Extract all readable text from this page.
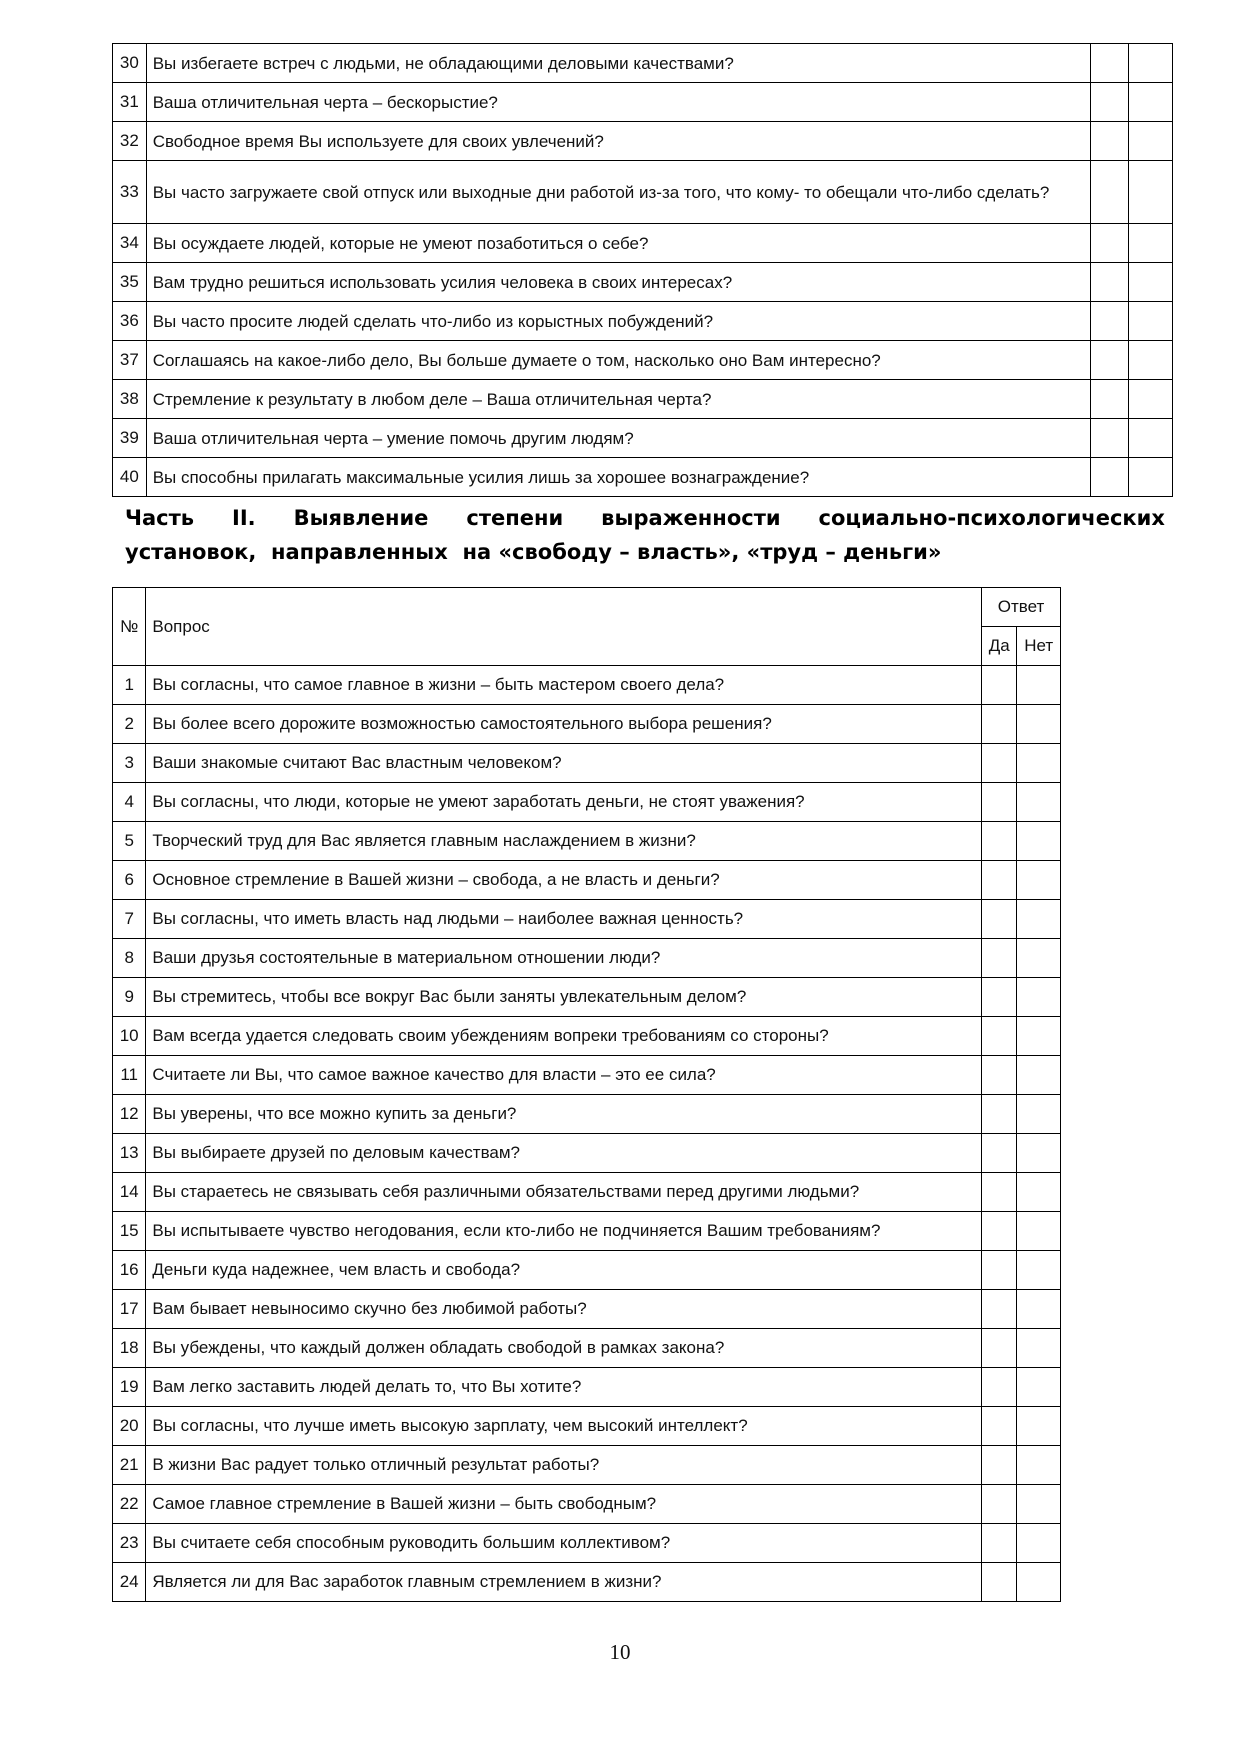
30	Вы избегаете встреч с людьми, не обладающими деловыми качествами?		
31	Ваша отличительная черта – бескорыстие?		
32	Свободное время Вы используете для своих увлечений?		
33	Вы часто загружаете свой отпуск или выходные дни работой из-за того, что кому- то обещали что-либо сделать?		
34	Вы осуждаете людей, которые не умеют позаботиться о себе?		
35	Вам трудно решиться использовать усилия человека в своих интересах?		
36	Вы часто просите людей сделать что-либо из корыстных побуждений?		
37	Соглашаясь на какое-либо дело, Вы больше думаете о том, насколько оно Вам интересно?		
38	Стремление к результату в любом деле – Ваша отличительная черта?		
39	Ваша отличительная черта – умение помочь другим людям?		
40	Вы способны прилагать максимальные усилия лишь за хорошее вознаграждение?		
Часть II. Выявление степени выраженности социально-психологических
установок,  направленных  на «свободу – власть», «труд – деньги»
№	Вопрос	Ответ	
		Да	Нет
1	Вы согласны, что самое главное в жизни – быть мастером своего дела?		
2	Вы более всего дорожите возможностью самостоятельного выбора решения?		
3	Ваши знакомые считают Вас властным человеком?		
4	Вы согласны, что люди, которые не умеют заработать деньги, не стоят уважения?		
5	Творческий труд для Вас является главным наслаждением в жизни?		
6	Основное стремление в Вашей жизни – свобода, а не власть и деньги?		
7	Вы согласны, что иметь власть над людьми – наиболее важная ценность?		
8	Ваши друзья состоятельные в материальном отношении люди?		
9	Вы стремитесь, чтобы все вокруг Вас были заняты увлекательным делом?		
10	Вам всегда удается следовать своим убеждениям вопреки требованиям со стороны?		
11	Считаете ли Вы, что самое важное качество для власти – это ее сила?		
12	Вы уверены, что все можно купить за деньги?		
13	Вы выбираете друзей по деловым качествам?		
14	Вы стараетесь не связывать себя различными обязательствами перед другими людьми?		
15	Вы испытываете чувство негодования, если кто-либо не подчиняется Вашим требованиям?		
16	Деньги куда надежнее, чем власть и свобода?		
17	Вам бывает невыносимо скучно без любимой работы?		
18	Вы убеждены, что каждый должен обладать свободой в рамках закона?		
19	Вам легко заставить людей делать то, что Вы хотите?		
20	Вы согласны, что лучше иметь высокую зарплату, чем высокий интеллект?		
21	В жизни Вас радует только отличный результат работы?		
22	Самое главное стремление в Вашей жизни – быть свободным?		
23	Вы считаете себя способным руководить большим коллективом?		
24	Является ли для Вас заработок главным стремлением в жизни?		
10
